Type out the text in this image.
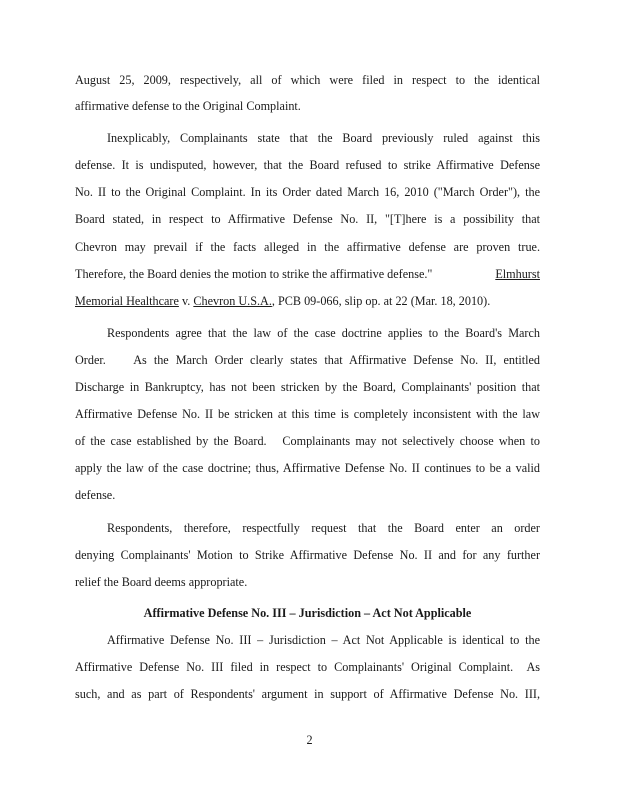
August 25, 2009, respectively, all of which were filed in respect to the identical
affirmative defense to the Original Complaint.
Inexplicably, Complainants state that the Board previously ruled against this
defense. It is undisputed, however, that the Board refused to strike Affirmative Defense
No. II to the Original Complaint. In its Order dated March 16, 2010 ("March Order"), the
Board stated, in respect to Affirmative Defense No. II, "[T]here is a possibility that
Chevron may prevail if the facts alleged in the affirmative defense are proven true.
Therefore, the Board denies the motion to strike the affirmative defense."	Elmhurst
Memorial Healthcare v. Chevron U.S.A., PCB 09-066, slip op. at 22 (Mar. 18, 2010).
Respondents agree that the law of the case doctrine applies to the Board's March
Order.    As the March Order clearly states that Affirmative Defense No. II, entitled
Discharge in Bankruptcy, has not been stricken by the Board, Complainants' position that
Affirmative Defense No. II be stricken at this time is completely inconsistent with the law
of the case established by the Board.   Complainants may not selectively choose when to
apply the law of the case doctrine; thus, Affirmative Defense No. II continues to be a valid
defense.
Respondents, therefore, respectfully request that the Board enter an order
denying Complainants' Motion to Strike Affirmative Defense No. II and for any further
relief the Board deems appropriate.
Affirmative Defense No. III – Jurisdiction – Act Not Applicable
Affirmative Defense No. III – Jurisdiction – Act Not Applicable is identical to the
Affirmative Defense No. III filed in respect to Complainants' Original Complaint.  As
such, and as part of Respondents' argument in support of Affirmative Defense No. III,
2
